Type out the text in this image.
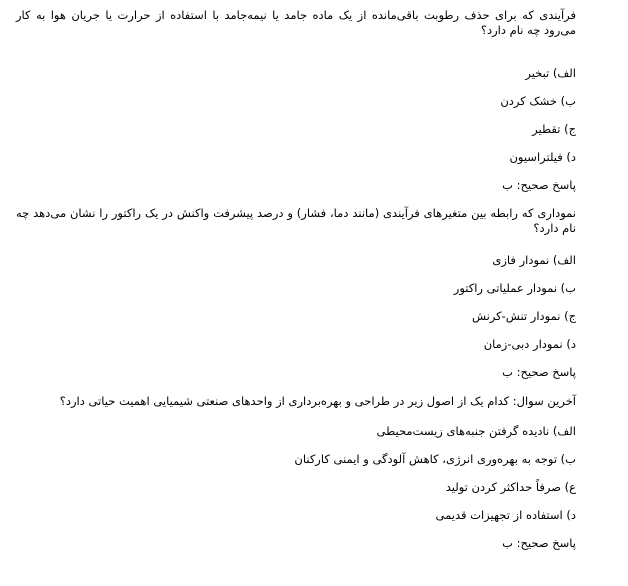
فرآیندی که برای حذف رطوبت باقی‌مانده از یک ماده جامد یا نیمه‌جامد با استفاده از حرارت یا جریان هوا به کار می‌رود چه نام دارد؟
الف) تبخیر
ب) خشک کردن
ج) تقطیر
د) فیلتراسیون
پاسخ صحیح: ب
نموداری که رابطه بین متغیرهای فرآیندی (مانند دما، فشار) و درصد پیشرفت واکنش در یک راکتور را نشان می‌دهد چه نام دارد؟
الف) نمودار فازی
ب) نمودار عملیاتی راکتور
ج) نمودار تنش-کرنش
د) نمودار دبی-زمان
پاسخ صحیح: ب
آخرین سوال: کدام یک از اصول زیر در طراحی و بهره‌برداری از واحدهای صنعتی شیمیایی اهمیت حیاتی دارد؟
الف) نادیده گرفتن جنبه‌های زیست‌محیطی
ب) توجه به بهره‌وری انرژی، کاهش آلودگی و ایمنی کارکنان
ع) صرفاً حداکثر کردن تولید
د) استفاده از تجهیزات قدیمی
پاسخ صحیح: ب
